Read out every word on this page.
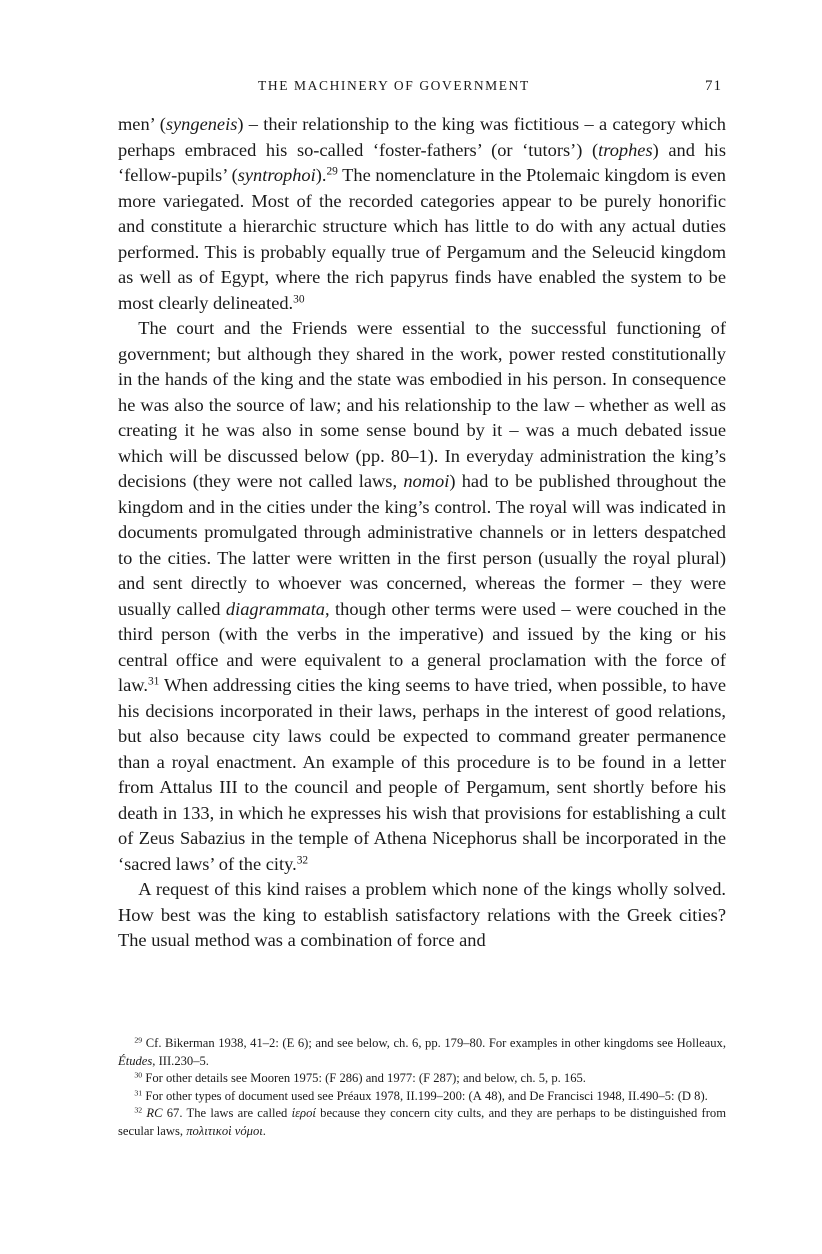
THE MACHINERY OF GOVERNMENT	71

men’ (syngeneis) – their relationship to the king was fictitious – a category which perhaps embraced his so-called ‘foster-fathers’ (or ‘tutors’) (trophes) and his ‘fellow-pupils’ (syntrophoi).$^{29}$ The nomenclature in the Ptolemaic kingdom is even more variegated. Most of the recorded categories appear to be purely honorific and constitute a hierarchic structure which has little to do with any actual duties performed. This is probably equally true of Pergamum and the Seleucid kingdom as well as of Egypt, where the rich papyrus finds have enabled the system to be most clearly delineated.$^{30}$

The court and the Friends were essential to the successful functioning of government; but although they shared in the work, power rested constitutionally in the hands of the king and the state was embodied in his person. In consequence he was also the source of law; and his relationship to the law – whether as well as creating it he was also in some sense bound by it – was a much debated issue which will be discussed below (pp. 80–1). In everyday administration the king’s decisions (they were not called laws, nomoi) had to be published throughout the kingdom and in the cities under the king’s control. The royal will was indicated in documents promulgated through administrative channels or in letters despatched to the cities. The latter were written in the first person (usually the royal plural) and sent directly to whoever was concerned, whereas the former – they were usually called diagrammata, though other terms were used – were couched in the third person (with the verbs in the imperative) and issued by the king or his central office and were equivalent to a general proclamation with the force of law.$^{31}$ When addressing cities the king seems to have tried, when possible, to have his decisions incorporated in their laws, perhaps in the interest of good relations, but also because city laws could be expected to command greater permanence than a royal enactment. An example of this procedure is to be found in a letter from Attalus III to the council and people of Pergamum, sent shortly before his death in 133, in which he expresses his wish that provisions for establishing a cult of Zeus Sabazius in the temple of Athena Nicephorus shall be incorporated in the ‘sacred laws’ of the city.$^{32}$

A request of this kind raises a problem which none of the kings wholly solved. How best was the king to establish satisfactory relations with the Greek cities? The usual method was a combination of force and

$^{29}$ Cf. Bikerman 1938, 41–2: (E 6); and see below, ch. 6, pp. 179–80. For examples in other kingdoms see Holleaux, Études, III.230–5.

$^{30}$ For other details see Mooren 1975: (F 286) and 1977: (F 287); and below, ch. 5, p. 165.

$^{31}$ For other types of document used see Préaux 1978, II.199–200: (A 48), and De Francisci 1948, II.490–5: (D 8).

$^{32}$ RC 67. The laws are called ἱεροί because they concern city cults, and they are perhaps to be distinguished from secular laws, πολιτικοὶ νόμοι.
